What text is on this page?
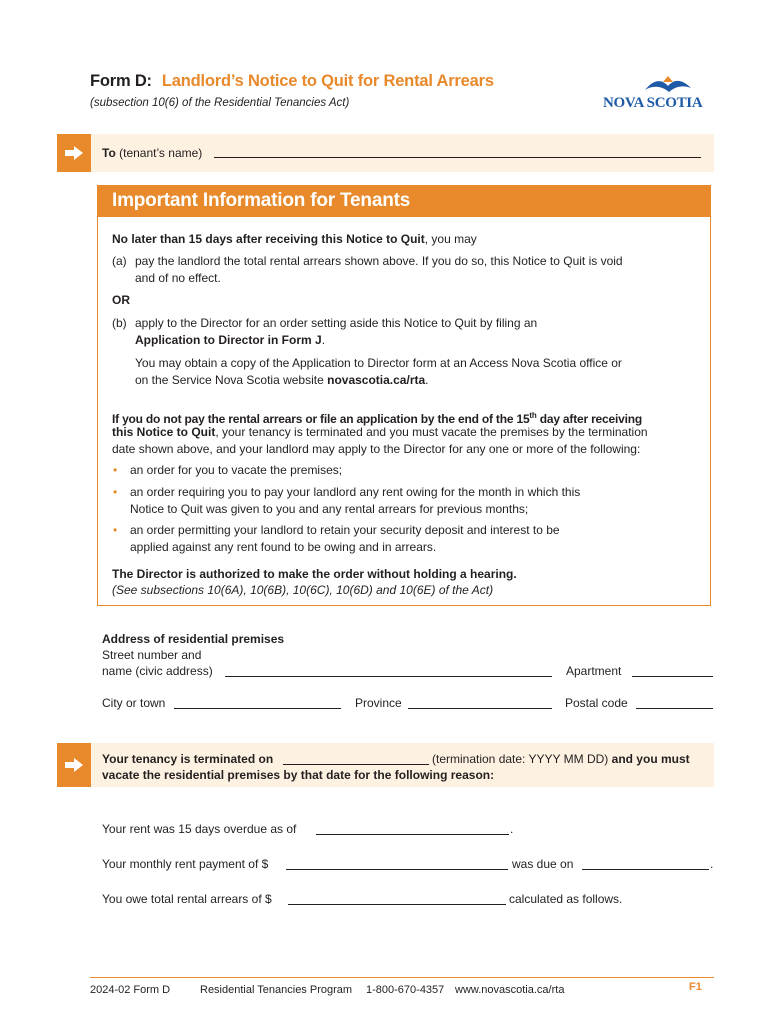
Form D: Landlord’s Notice to Quit for Rental Arrears
(subsection 10(6) of the Residential Tenancies Act)	NOVA SCOTIA
To (tenant’s name)
Important Information for Tenants
No later than 15 days after receiving this Notice to Quit, you may
(a) pay the landlord the total rental arrears shown above. If you do so, this Notice to Quit is void
and of no effect.
OR
(b) apply to the Director for an order setting aside this Notice to Quit by filing an
Application to Director in Form J.
You may obtain a copy of the Application to Director form at an Access Nova Scotia office or
on the Service Nova Scotia website novascotia.ca/rta.
If you do not pay the rental arrears or file an application by the end of the 15th day after receiving
this Notice to Quit, your tenancy is terminated and you must vacate the premises by the termination
date shown above, and your landlord may apply to the Director for any one or more of the following:
• an order for you to vacate the premises;
• an order requiring you to pay your landlord any rent owing for the month in which this
Notice to Quit was given to you and any rental arrears for previous months;
• an order permitting your landlord to retain your security deposit and interest to be
applied against any rent found to be owing and in arrears.
The Director is authorized to make the order without holding a hearing.
(See subsections 10(6A), 10(6B), 10(6C), 10(6D) and 10(6E) of the Act)
Address of residential premises
Street number and
name (civic address)	Apartment
City or town	Province	Postal code
Your tenancy is terminated on	(termination date: YYYY MM DD) and you must
vacate the residential premises by that date for the following reason:
Your rent was 15 days overdue as of	.
Your monthly rent payment of $	was due on	.
You owe total rental arrears of $	calculated as follows.
2024-02 Form D	Residential Tenancies Program 1-800-670-4357 www.novascotia.ca/rta	F1
